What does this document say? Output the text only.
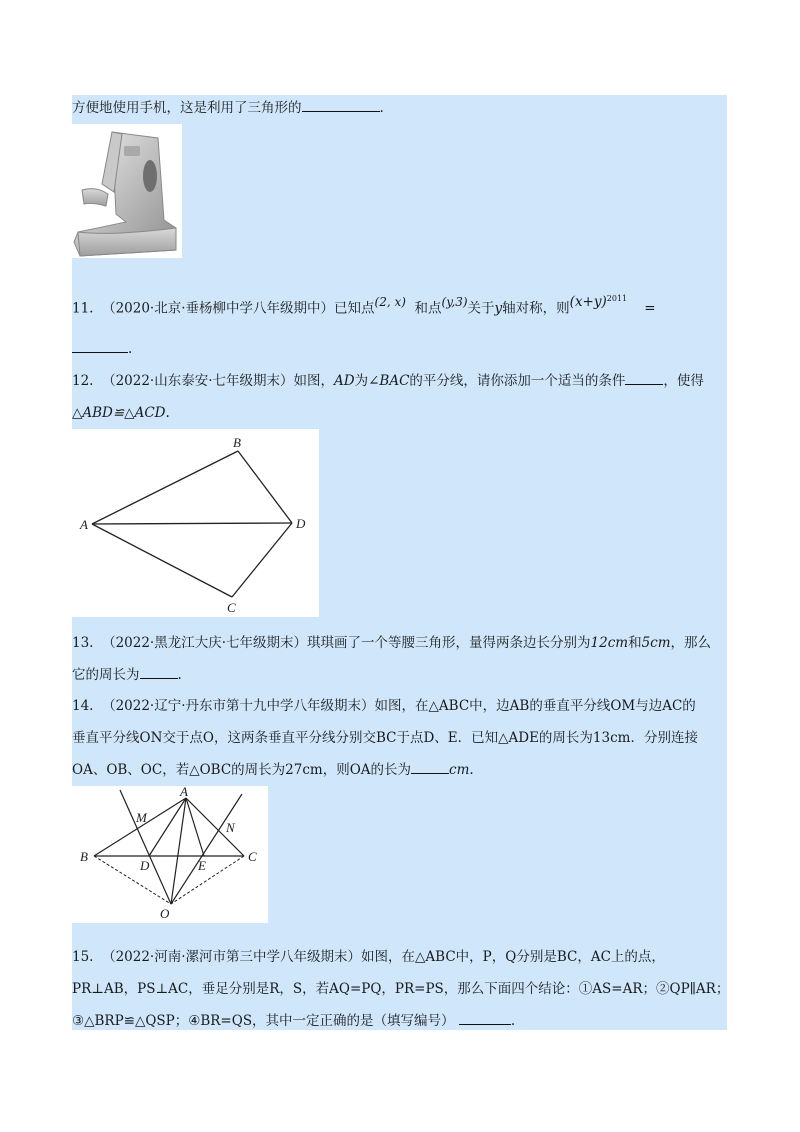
方便地使用手机，这是利用了三角形的	.
11. （2020·北京·垂杨柳中学八年级期中）已知点(2, x) 和点(y,3)关于y轴对称，则$(x+y)^{2011}$    =
.
12. （2022·山东泰安·七年级期末）如图，AD为∠BAC的平分线，请你添加一个适当的条件	，使得
△ABD≌△ACD.
A
B
C
D
13. （2022·黑龙江大庆·七年级期末）琪琪画了一个等腰三角形，量得两条边长分别为12cm和5cm，那么
它的周长为	.
14. （2022·辽宁·丹东市第十九中学八年级期末）如图，在△ABC中，边AB的垂直平分线OM与边AC的
垂直平分线ON交于点O，这两条垂直平分线分别交BC于点D、E．已知△ADE的周长为13cm．分别连接
OA、OB、OC，若△OBC的周长为27cm，则OA的长为	cm.
A
B	C
D	E
M
N
O
15. （2022·河南·漯河市第三中学八年级期末）如图，在△ABC中，P，Q分别是BC，AC上的点，
PR⊥AB，PS⊥AC，垂足分别是R，S，若AQ=PQ，PR=PS，那么下面四个结论：①AS=AR；②QP∥AR；
③△BRP≌△QSP；④BR=QS，其中一定正确的是（填写编号）	.
